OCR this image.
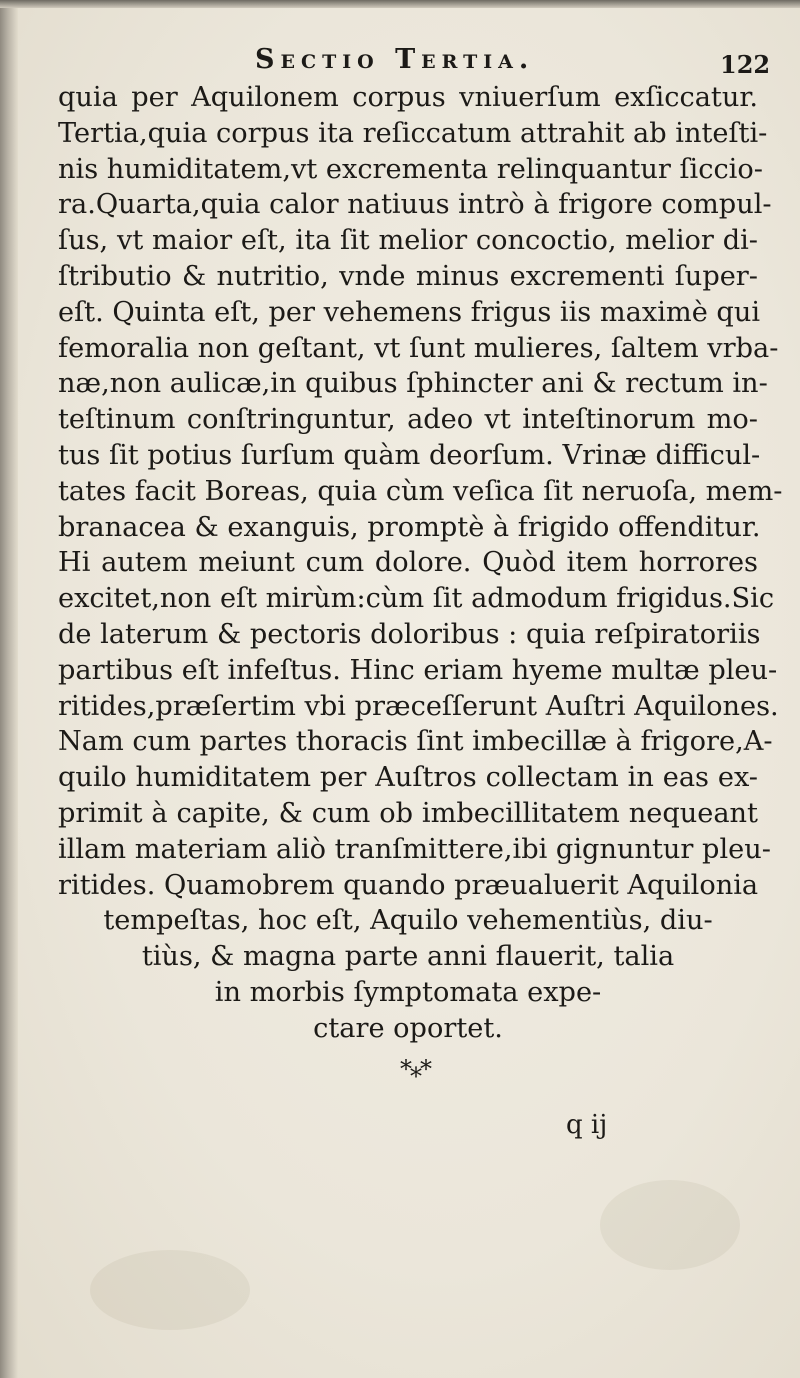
Sectio Tertia.	122
quia per Aquilonem corpus vniuerſum exſiccatur.
Tertia,quia corpus ita reſiccatum attrahit ab inteſti-
nis humiditatem,vt excrementa relinquantur ſiccio-
ra.Quarta,quia calor natiuus intrò à frigore compul-
ſus, vt maior eſt, ita ſit melior concoctio, melior di-
ſtributio & nutritio, vnde minus excrementi ſuper-
eſt. Quinta eſt, per vehemens frigus iis maximè qui
femoralia non geſtant, vt ſunt mulieres, ſaltem vrba-
næ,non aulicæ,in quibus ſphincter ani & rectum in-
teſtinum conſtringuntur, adeo vt inteſtinorum mo-
tus ſit potius ſurſum quàm deorſum. Vrinæ difficul-
tates facit Boreas, quia cùm veſica ſit neruoſa, mem-
branacea & exanguis, promptè à frigido offenditur.
Hi autem meiunt cum dolore. Quòd item horrores
excitet,non eſt mirùm:cùm ſit admodum frigidus.Sic
de laterum & pectoris doloribus : quia reſpiratoriis
partibus eſt infeſtus. Hinc eriam hyeme multæ pleu-
ritides,præſertim vbi præceſſerunt Auſtri Aquilones.
Nam cum partes thoracis ſint imbecillæ à frigore,A-
quilo humiditatem per Auſtros collectam in eas ex-
primit à capite, & cum ob imbecillitatem nequeant
illam materiam aliò tranſmittere,ibi gignuntur pleu-
ritides. Quamobrem quando præualuerit Aquilonia
tempeſtas, hoc eſt, Aquilo vehementiùs, diu-
tiùs, & magna parte anni flauerit, talia
in morbis ſymptomata expe-
ctare oportet.
*⁎*
q ij
